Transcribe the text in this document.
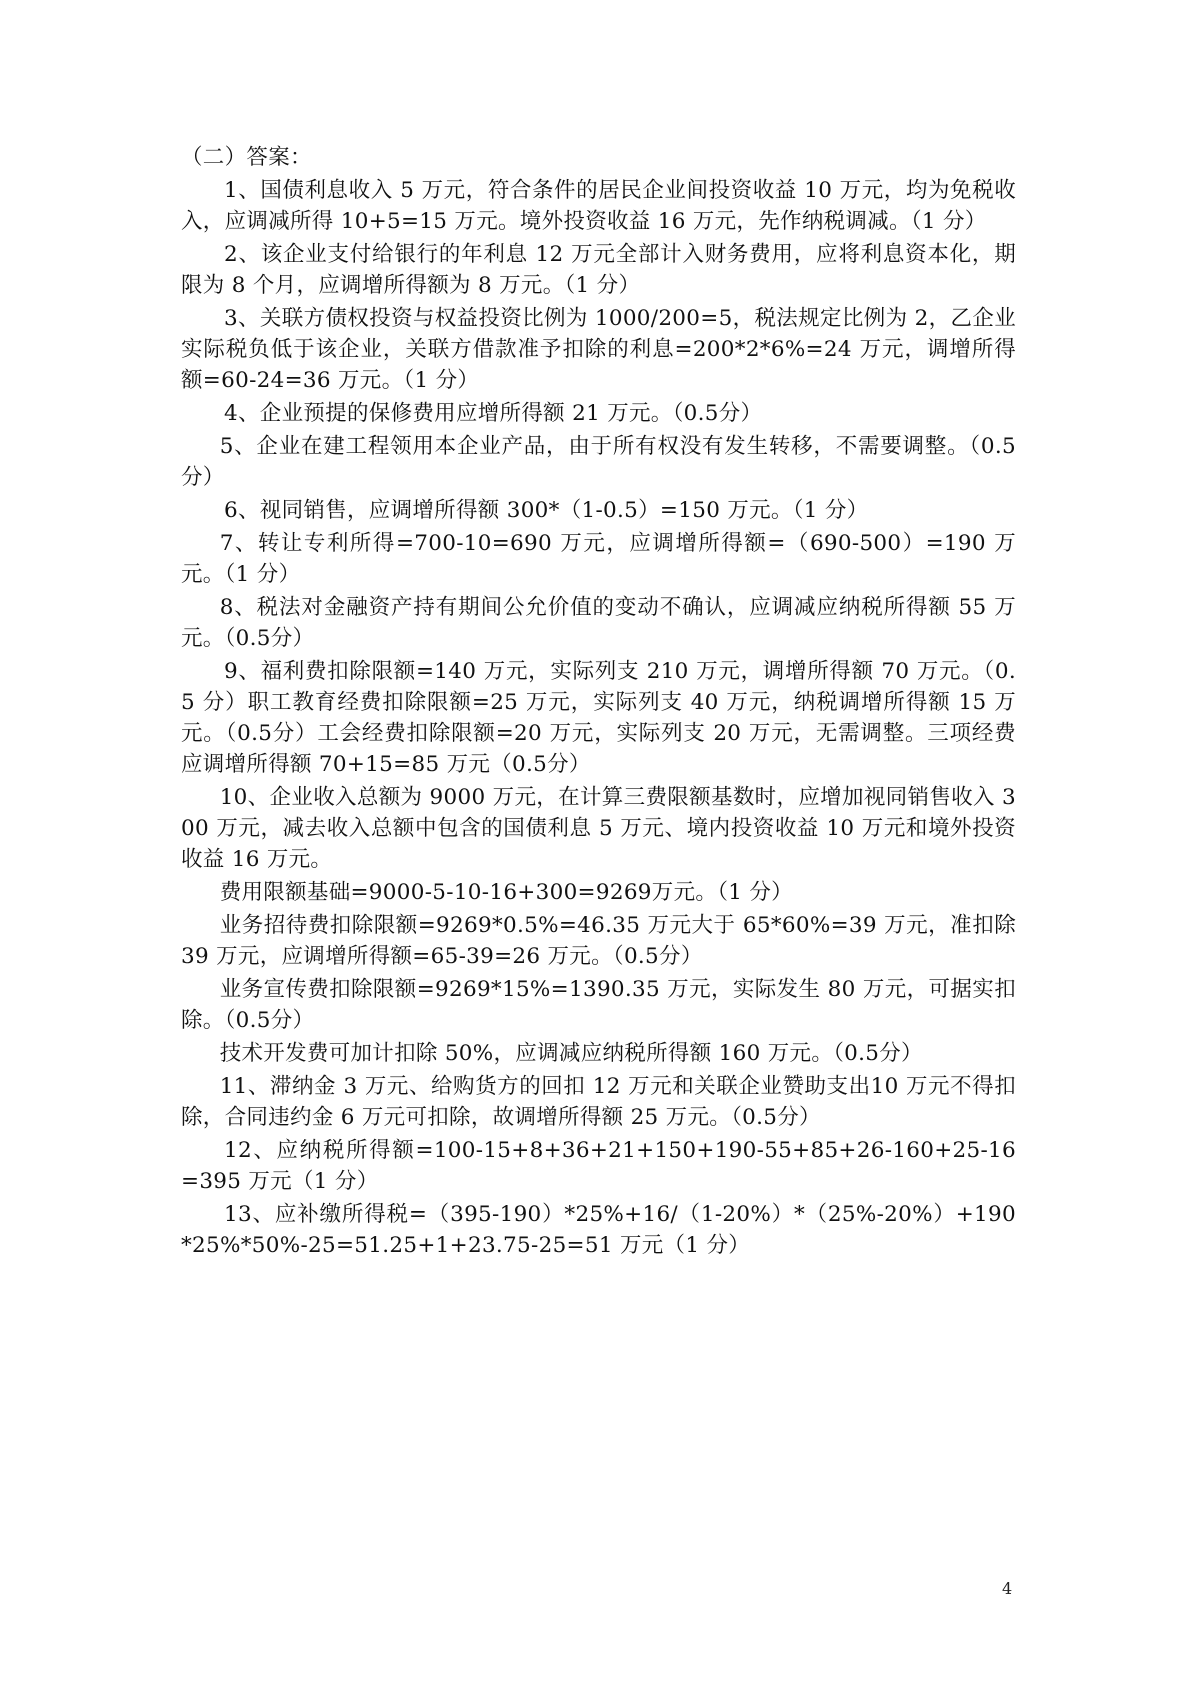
（二）答案：

1、国债利息收入 5 万元，符合条件的居民企业间投资收益 10 万元，均为免税收入，应调减所得 10+5=15 万元。境外投资收益 16 万元，先作纳税调减。（1 分）

2、该企业支付给银行的年利息 12 万元全部计入财务费用，应将利息资本化，期限为 8 个月，应调增所得额为 8 万元。（1 分）

3、关联方债权投资与权益投资比例为 1000/200=5，税法规定比例为 2，乙企业实际税负低于该企业，关联方借款准予扣除的利息=200*2*6%=24 万元，调增所得额=60-24=36 万元。（1 分）

4、企业预提的保修费用应增所得额 21 万元。（0.5分）

5、企业在建工程领用本企业产品，由于所有权没有发生转移，不需要调整。（0.5分）

6、视同销售，应调增所得额 300*（1-0.5）=150 万元。（1 分）

7、转让专利所得=700-10=690 万元，应调增所得额=（690-500）=190 万元。（1 分）

8、税法对金融资产持有期间公允价值的变动不确认，应调减应纳税所得额 55 万元。（0.5分）

9、福利费扣除限额=140 万元，实际列支 210 万元，调增所得额 70 万元。（0.5 分）职工教育经费扣除限额=25 万元，实际列支 40 万元，纳税调增所得额 15 万元。（0.5分）工会经费扣除限额=20 万元，实际列支 20 万元，无需调整。三项经费应调增所得额 70+15=85 万元（0.5分）

10、企业收入总额为 9000 万元，在计算三费限额基数时，应增加视同销售收入 300 万元，减去收入总额中包含的国债利息 5 万元、境内投资收益 10 万元和境外投资收益 16 万元。

费用限额基础=9000-5-10-16+300=9269万元。（1 分）

业务招待费扣除限额=9269*0.5%=46.35 万元大于 65*60%=39 万元，准扣除 39 万元，应调增所得额=65-39=26 万元。（0.5分）

业务宣传费扣除限额=9269*15%=1390.35 万元，实际发生 80 万元，可据实扣除。（0.5分）

技术开发费可加计扣除 50%，应调减应纳税所得额 160 万元。（0.5分）

11、滞纳金 3 万元、给购货方的回扣 12 万元和关联企业赞助支出10 万元不得扣除，合同违约金 6 万元可扣除，故调增所得额 25 万元。（0.5分）

12、应纳税所得额=100-15+8+36+21+150+190-55+85+26-160+25-16=395 万元（1 分）

13、应补缴所得税=（395-190）*25%+16/（1-20%）*（25%-20%）+190*25%*50%-25=51.25+1+23.75-25=51 万元（1 分）

4
